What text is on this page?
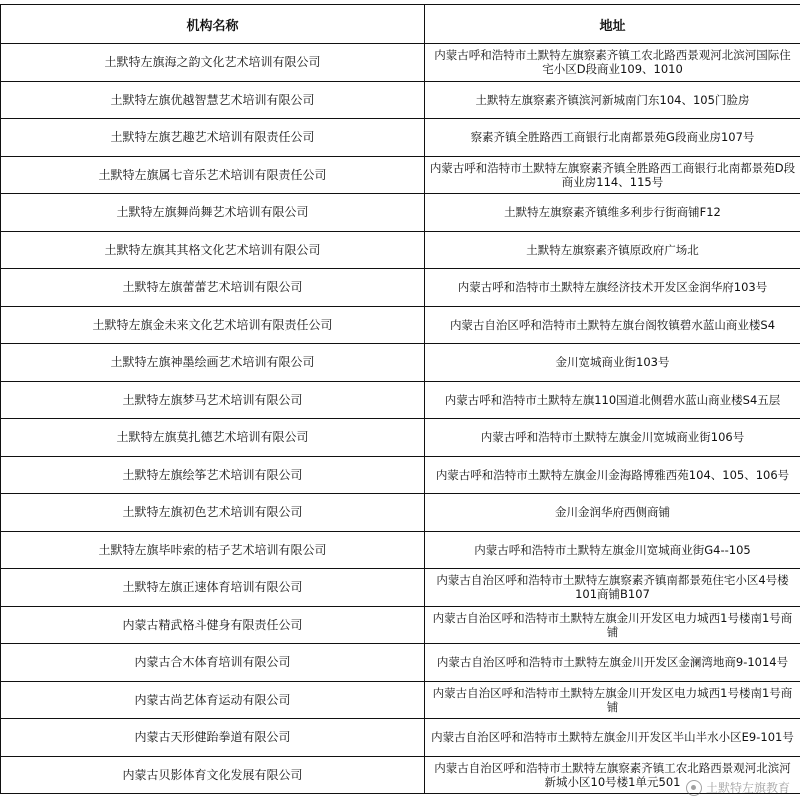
机构名称	地址
土默特左旗海之韵文化艺术培训有限公司	内蒙古呼和浩特市土默特左旗察素齐镇工农北路西景观河北滨河国际住宅小区D段商业109、1010
土默特左旗优越智慧艺术培训有限公司	土默特左旗察素齐镇滨河新城南门东104、105门脸房
土默特左旗艺趣艺术培训有限责任公司	察素齐镇全胜路西工商银行北南都景苑G段商业房107号
土默特左旗属七音乐艺术培训有限责任公司	内蒙古呼和浩特市土默特左旗察素齐镇全胜路西工商银行北南都景苑D段商业房114、115号
土默特左旗舞尚舞艺术培训有限公司	土默特左旗察素齐镇维多利步行街商铺F12
土默特左旗其其格文化艺术培训有限公司	土默特左旗察素齐镇原政府广场北
土默特左旗蕾蕾艺术培训有限公司	内蒙古呼和浩特市土默特左旗经济技术开发区金润华府103号
土默特左旗金未来文化艺术培训有限责任公司	内蒙古自治区呼和浩特市土默特左旗台阁牧镇碧水蓝山商业楼S4
土默特左旗神墨绘画艺术培训有限公司	金川宽城商业街103号
土默特左旗梦马艺术培训有限公司	内蒙古呼和浩特市土默特左旗110国道北侧碧水蓝山商业楼S4五层
土默特左旗莫扎德艺术培训有限公司	内蒙古呼和浩特市土默特左旗金川宽城商业街106号
土默特左旗绘筝艺术培训有限公司	内蒙古呼和浩特市土默特左旗金川金海路博雅西苑104、105、106号
土默特左旗初色艺术培训有限公司	金川金润华府西侧商铺
土默特左旗毕咔索的桔子艺术培训有限公司	内蒙古呼和浩特市土默特左旗金川宽城商业街G4--105
土默特左旗正速体育培训有限公司	内蒙古自治区呼和浩特市土默特左旗察素齐镇南都景苑住宅小区4号楼101商铺B107
内蒙古精武格斗健身有限责任公司	内蒙古自治区呼和浩特市土默特左旗金川开发区电力城西1号楼南1号商铺
内蒙古合木体育培训有限公司	内蒙古自治区呼和浩特市土默特左旗金川开发区金澜湾地商9-1014号
内蒙古尚艺体育运动有限公司	内蒙古自治区呼和浩特市土默特左旗金川开发区电力城西1号楼南1号商铺
内蒙古天形健跆拳道有限公司	内蒙古自治区呼和浩特市土默特左旗金川开发区半山半水小区E9-101号
内蒙古贝影体育文化发展有限公司	内蒙古自治区呼和浩特市土默特左旗察素齐镇工农北路西景观河北滨河新城小区10号楼1单元501 土默特左旗教育
